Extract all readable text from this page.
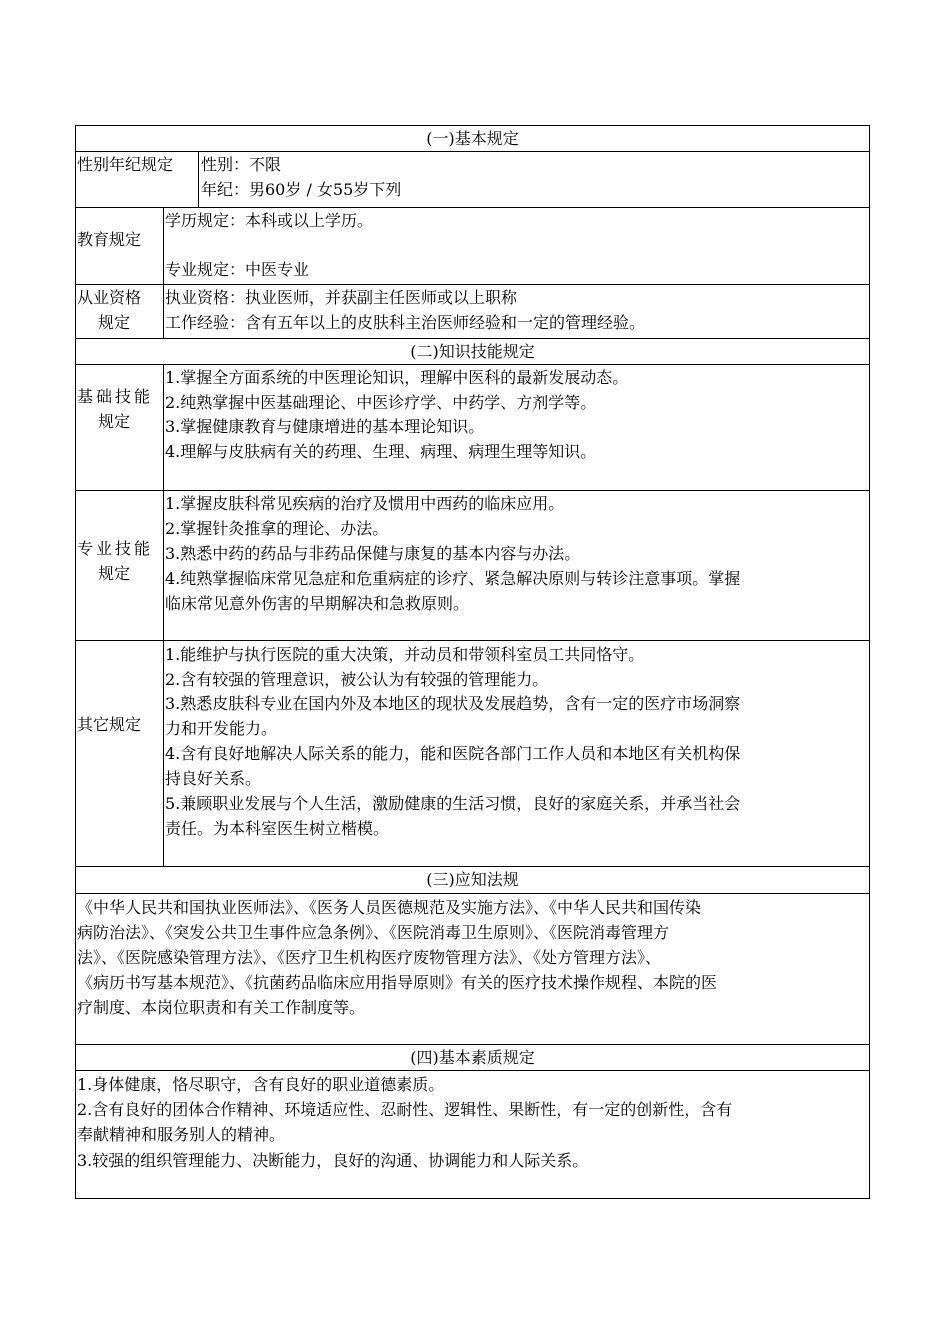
(一)基本规定
性别年纪规定 性别：不限
年纪：男60岁 / 女55岁下列
教育规定
学历规定：本科或以上学历。
专业规定：中医专业
从业资格
规定
执业资格：执业医师，并获副主任医师或以上职称
工作经验：含有五年以上的皮肤科主治医师经验和一定的管理经验。
(二)知识技能规定
基础技能
规定
1.掌握全方面系统的中医理论知识，理解中医科的最新发展动态。
2.纯熟掌握中医基础理论、中医诊疗学、中药学、方剂学等。
3.掌握健康教育与健康增进的基本理论知识。
4.理解与皮肤病有关的药理、生理、病理、病理生理等知识。
专业技能
规定
1.掌握皮肤科常见疾病的治疗及惯用中西药的临床应用。
2.掌握针灸推拿的理论、办法。
3.熟悉中药的药品与非药品保健与康复的基本内容与办法。
4.纯熟掌握临床常见急症和危重病症的诊疗、紧急解决原则与转诊注意事项。掌握
临床常见意外伤害的早期解决和急救原则。
其它规定
1.能维护与执行医院的重大决策，并动员和带领科室员工共同恪守。
2.含有较强的管理意识，被公认为有较强的管理能力。
3.熟悉皮肤科专业在国内外及本地区的现状及发展趋势，含有一定的医疗市场洞察
力和开发能力。
4.含有良好地解决人际关系的能力，能和医院各部门工作人员和本地区有关机构保
持良好关系。
5.兼顾职业发展与个人生活，激励健康的生活习惯，良好的家庭关系，并承当社会
责任。为本科室医生树立楷模。
(三)应知法规
《中华人民共和国执业医师法》、《医务人员医德规范及实施方法》、《中华人民共和国传染
病防治法》、《突发公共卫生事件应急条例》、《医院消毒卫生原则》、《医院消毒管理方
法》、《医院感染管理方法》、《医疗卫生机构医疗废物管理方法》、《处方管理方法》、
《病历书写基本规范》、《抗菌药品临床应用指导原则》有关的医疗技术操作规程、本院的医
疗制度、本岗位职责和有关工作制度等。
(四)基本素质规定
1.身体健康，恪尽职守，含有良好的职业道德素质。
2.含有良好的团体合作精神、环境适应性、忍耐性、逻辑性、果断性，有一定的创新性，含有
奉献精神和服务别人的精神。
3.较强的组织管理能力、决断能力，良好的沟通、协调能力和人际关系。
